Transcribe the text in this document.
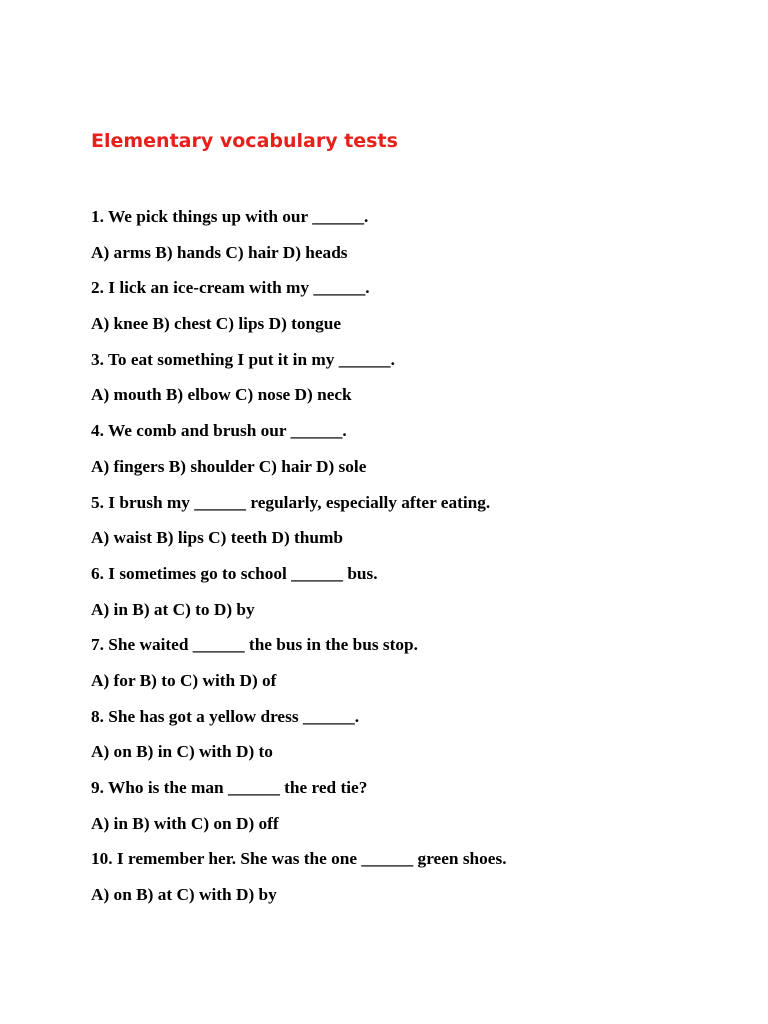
Elementary vocabulary tests
1. We pick things up with our ______.
A) arms B) hands C) hair D) heads
2. I lick an ice-cream with my ______.
A) knee B) chest C) lips D) tongue
3. To eat something I put it in my ______.
A) mouth B) elbow C) nose D) neck
4. We comb and brush our ______.
A) fingers B) shoulder C) hair D) sole
5. I brush my ______ regularly, especially after eating.
A) waist B) lips C) teeth D) thumb
6. I sometimes go to school ______ bus.
A) in B) at C) to D) by
7. She waited ______ the bus in the bus stop.
A) for B) to C) with D) of
8. She has got a yellow dress ______.
A) on B) in C) with D) to
9. Who is the man ______ the red tie?
A) in B) with C) on D) off
10. I remember her. She was the one ______ green shoes.
A) on B) at C) with D) by
